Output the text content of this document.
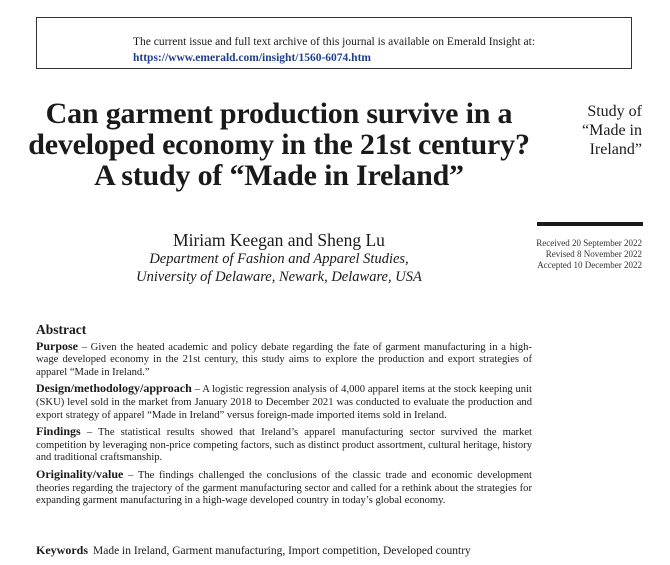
The current issue and full text archive of this journal is available on Emerald Insight at:
https://www.emerald.com/insight/1560-6074.htm
Can garment production survive in a developed economy in the 21st century? A study of “Made in Ireland”
Miriam Keegan and Sheng Lu
Department of Fashion and Apparel Studies,
University of Delaware, Newark, Delaware, USA
Study of
“Made in
Ireland”
Received 20 September 2022
Revised 8 November 2022
Accepted 10 December 2022
Abstract

Purpose – Given the heated academic and policy debate regarding the fate of garment manufacturing in a high-wage developed economy in the 21st century, this study aims to explore the production and export strategies of apparel “Made in Ireland.”

Design/methodology/approach – A logistic regression analysis of 4,000 apparel items at the stock keeping unit (SKU) level sold in the market from January 2018 to December 2021 was conducted to evaluate the production and export strategy of apparel “Made in Ireland” versus foreign-made imported items sold in Ireland.

Findings – The statistical results showed that Ireland’s apparel manufacturing sector survived the market competition by leveraging non-price competing factors, such as distinct product assortment, cultural heritage, history and traditional craftsmanship.

Originality/value – The findings challenged the conclusions of the classic trade and economic development theories regarding the trajectory of the garment manufacturing sector and called for a rethink about the strategies for expanding garment manufacturing in a high-wage developed country in today’s global economy.

Keywords Made in Ireland, Garment manufacturing, Import competition, Developed country
